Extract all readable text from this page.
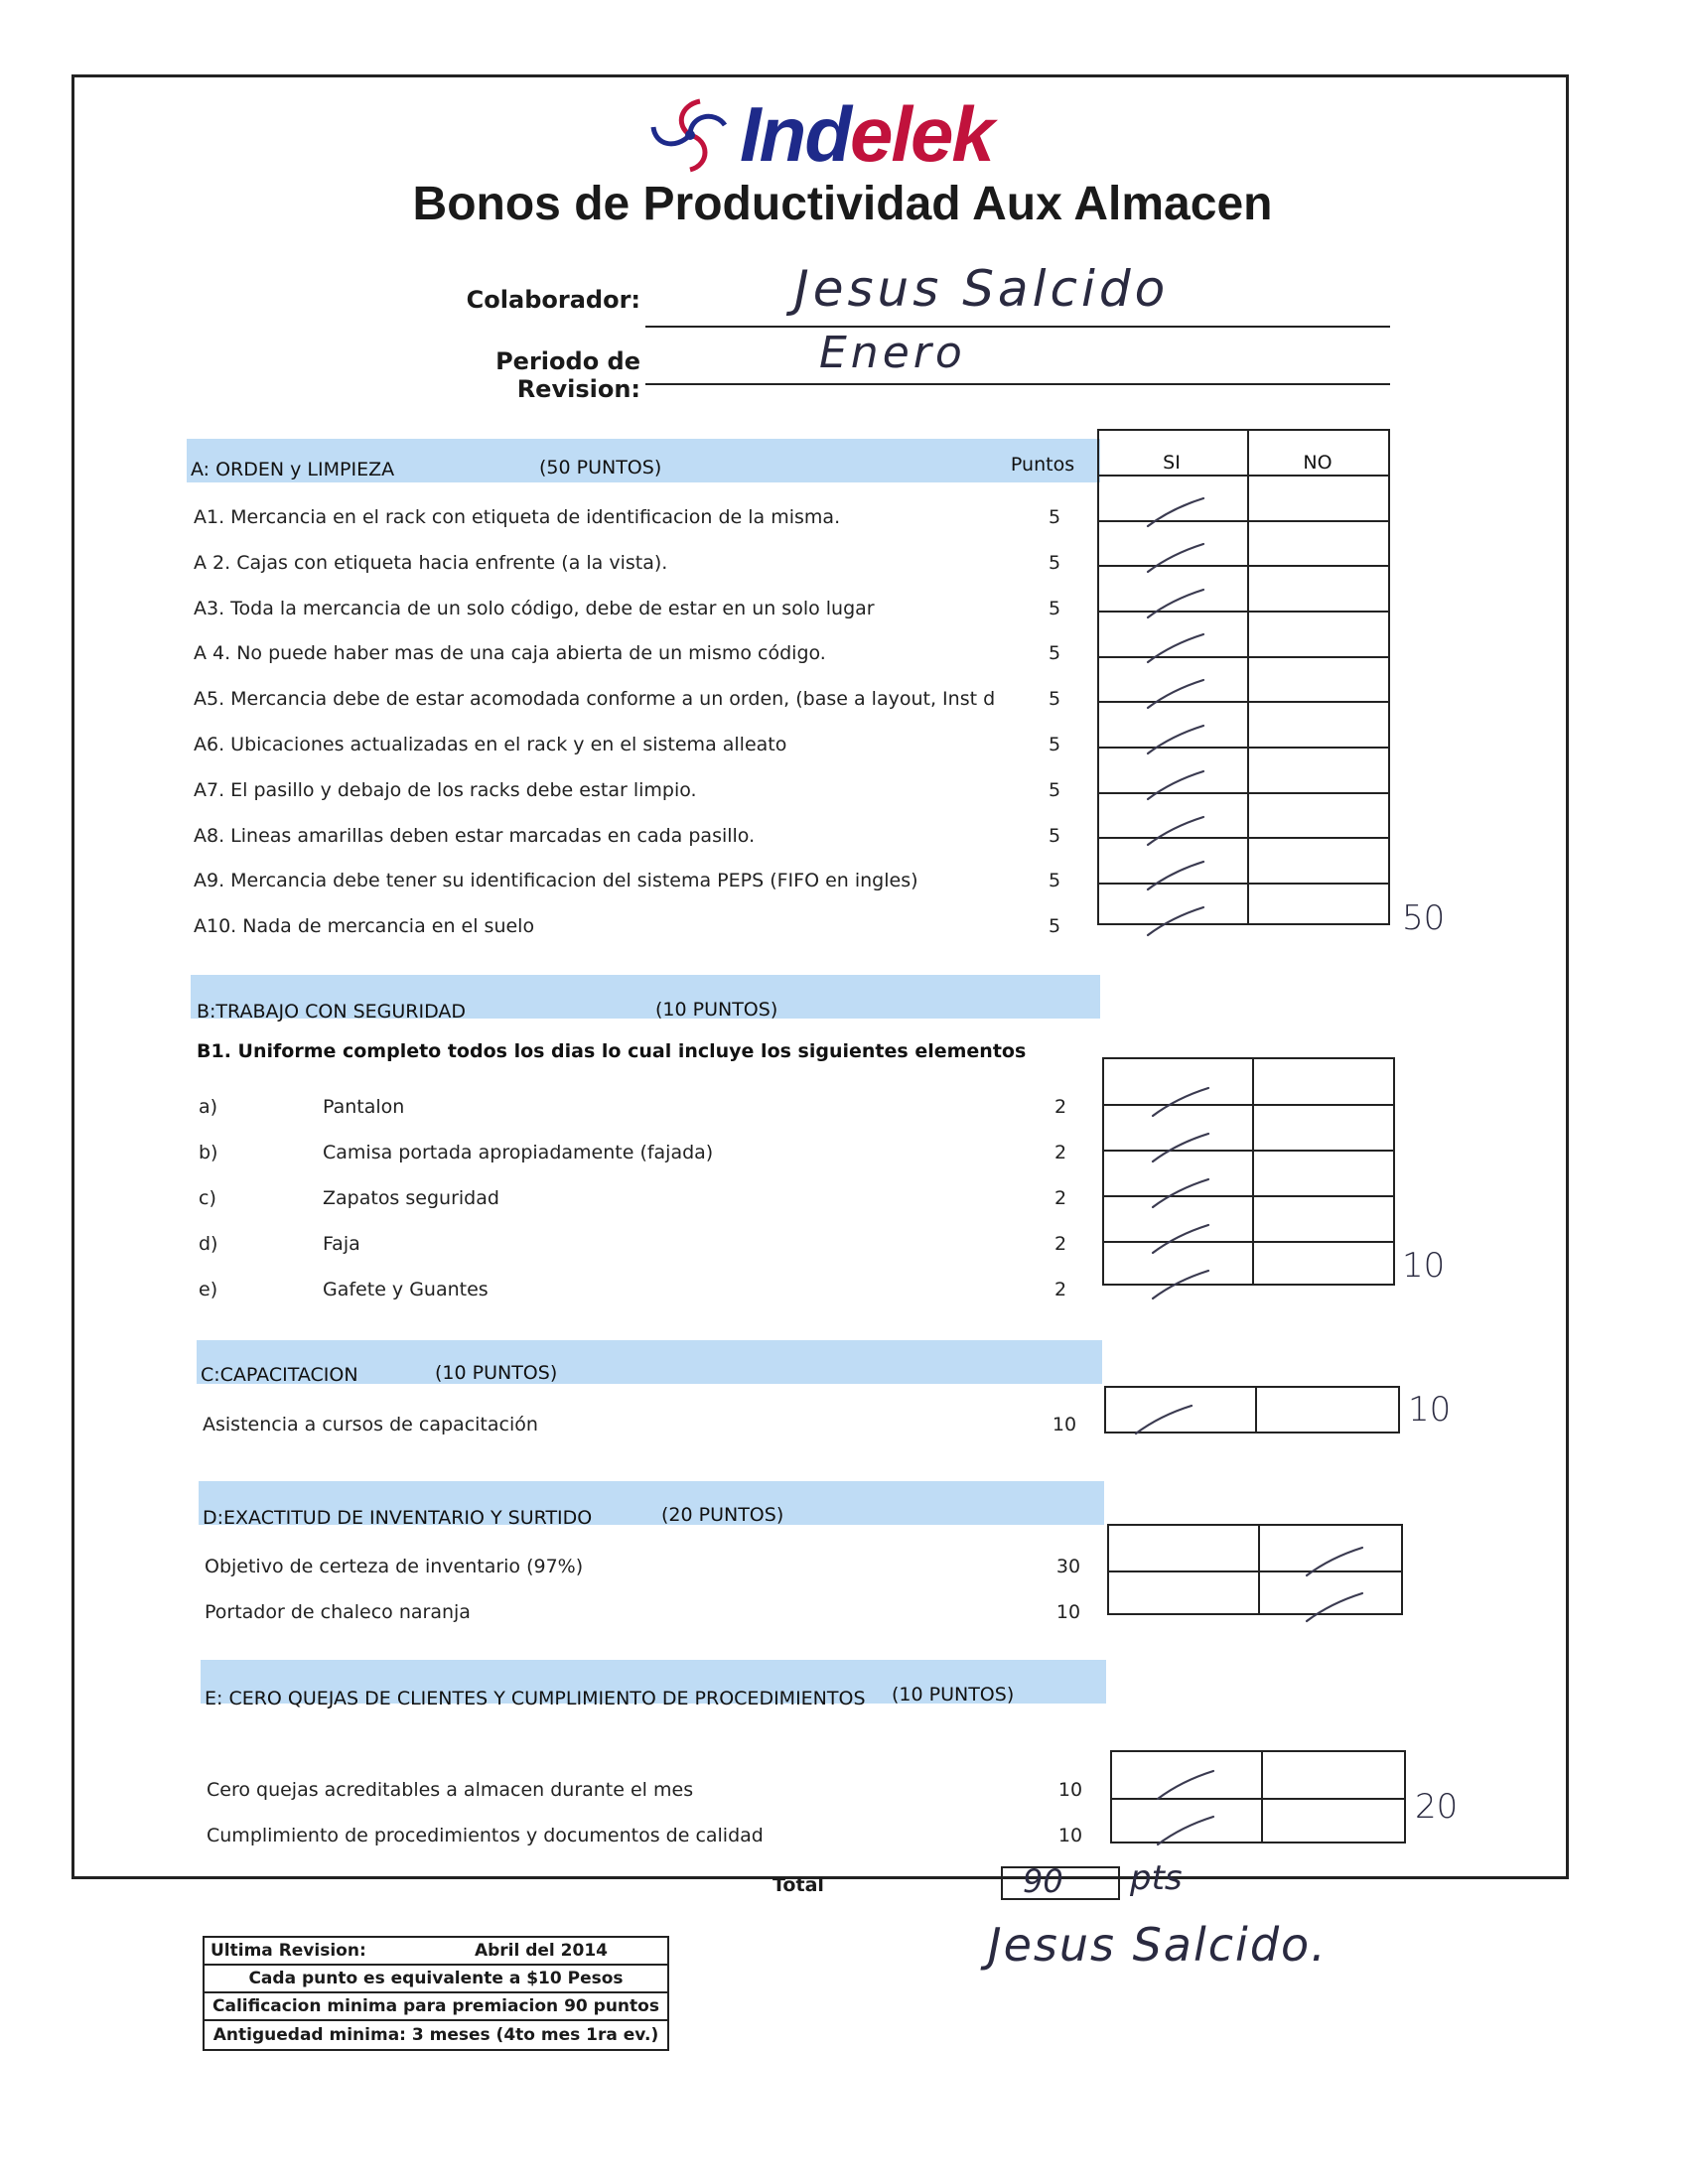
Indelek
Bonos de Productividad Aux Almacen
Colaborador:	Jesus Salcido
Periodo de Revision:
Enero
A: ORDEN y LIMPIEZA	(50 PUNTOS)	Puntos	SI	NO
A1. Mercancia en el rack con etiqueta de identificacion de la misma.	5
A 2. Cajas con etiqueta hacia enfrente (a la vista).	5
A3. Toda la mercancia de un solo código, debe de estar en un solo lugar	5
A 4. No puede haber mas de una caja abierta de un mismo código.	5
A5. Mercancia debe de estar acomodada conforme a un orden, (base a layout, Inst d	5
A6. Ubicaciones actualizadas en el rack y en el sistema alleato	5
A7. El pasillo y debajo de los racks debe estar limpio.	5
A8. Lineas amarillas deben estar marcadas en cada pasillo.	5
A9. Mercancia debe tener su identificacion del sistema PEPS (FIFO en ingles)	5
A10. Nada de mercancia en el suelo	5	50
B:TRABAJO CON SEGURIDAD	(10 PUNTOS)
B1. Uniforme completo todos los dias lo cual incluye los siguientes elementos
a)	Pantalon	2
b)	Camisa portada apropiadamente (fajada)	2
c)	Zapatos seguridad	2
d)	Faja	2
e)	Gafete y Guantes	2
10
C:CAPACITACION	(10 PUNTOS)
Asistencia a cursos de capacitación	10	10
D:EXACTITUD DE INVENTARIO Y SURTIDO	(20 PUNTOS)
Objetivo de certeza de inventario (97%)	30
Portador de chaleco naranja	10
E: CERO QUEJAS DE CLIENTES Y CUMPLIMIENTO DE PROCEDIMIENTOS (10 PUNTOS)
Cero quejas acreditables a almacen durante el mes	10
Cumplimiento de procedimientos y documentos de calidad	10
20
Total	90 pts
Jesus Salcido.
Ultima Revision:	Abril del 2014
Cada punto es equivalente a $10 Pesos
Calificacion minima para premiacion 90 puntos
Antiguedad minima: 3 meses (4to mes 1ra ev.)
